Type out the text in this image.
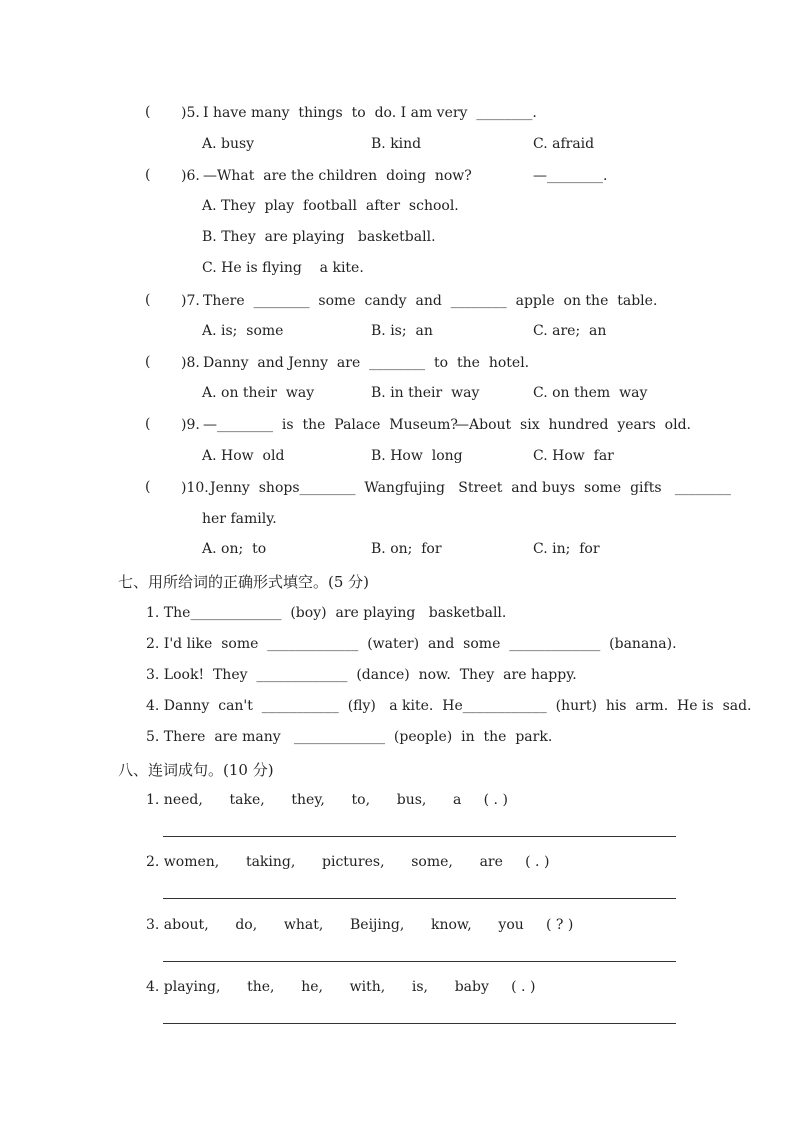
( )5. I have many  things  to  do. I am very  ________.
A. busy	B. kind	C. afraid
( )6. —What  are the children  doing  now?	—________.
A. They  play  football  after  school.
B. They  are playing   basketball.
C. He is flying    a kite.
( )7. There  ________  some  candy  and  ________  apple  on the  table.
A. is;  some	B. is;  an	C. are;  an
( )8. Danny  and Jenny  are  ________  to  the  hotel.
A. on their  way	B. in their  way	C. on them  way
( )9. —________  is  the  Palace  Museum?
—About  six  hundred  years  old.
A. How  old	B. How  long	C. How  far
( )10. Jenny  shops________  Wangfujing   Street  and buys  some  gifts   ________
her family.
A. on;  to	B. on;  for	C. in;  for
七、用所给词的正确形式填空。(5 分)
1. The_____________  (boy)  are playing   basketball.
2. I'd like  some  _____________  (water)  and  some  _____________  (banana).
3. Look!  They  _____________  (dance)  now.  They  are happy.
4. Danny  can't  ___________  (fly)   a kite.  He____________  (hurt)  his  arm.  He is  sad.
5. There  are many   _____________  (people)  in  the  park.
八、连词成句。(10 分)
1. need,      take,      they,      to,      bus,      a     ( . )
2. women,      taking,      pictures,      some,      are     ( . )
3. about,      do,      what,      Beijing,      know,      you     ( ? )
4. playing,      the,      he,      with,      is,      baby     ( . )
